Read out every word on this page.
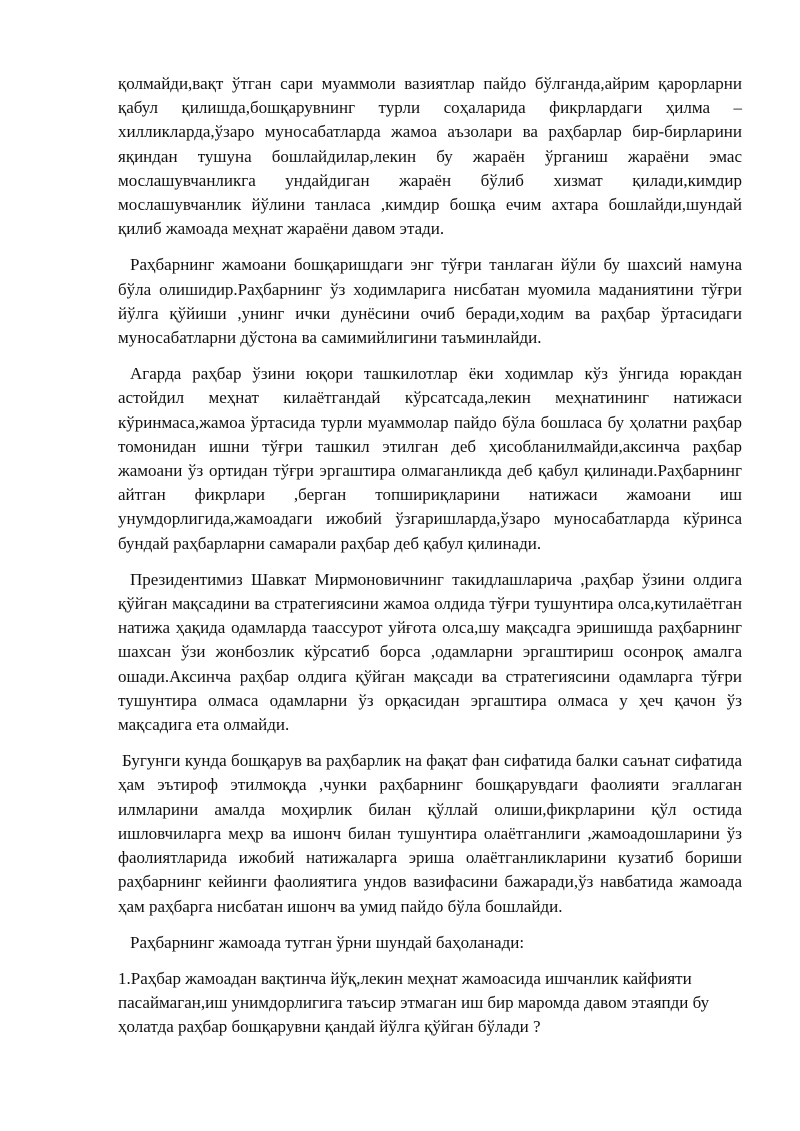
қолмайди,вақт ўтган сари муаммоли вазиятлар пайдо бўлганда,айрим қарорларни қабул қилишда,бошқарувнинг турли соҳаларида фикрлардаги ҳилма – хилликларда,ўзаро муносабатларда жамоа аъзолари ва раҳбарлар бир-бирларини яқиндан тушуна бошлайдилар,лекин бу жараён ўрганиш жараёни эмас мослашувчанликга ундайдиган жараён бўлиб хизмат қилади,кимдир мослашувчанлик йўлини танласа ,кимдир бошқа ечим ахтара бошлайди,шундай қилиб жамоада меҳнат жараёни давом этади.

Раҳбарнинг жамоани бошқаришдаги энг тўғри танлаган йўли бу шахсий намуна бўла олишидир.Раҳбарнинг ўз ходимларига нисбатан муомила маданиятини тўғри йўлга қўйиши ,унинг ички дунёсини очиб беради,ходим ва раҳбар ўртасидаги муносабатларни дўстона ва самимийлигини таъминлайди.

Агарда раҳбар ўзини юқори ташкилотлар ёки ходимлар кўз ўнгида юракдан астойдил меҳнат килаётгандай кўрсатсада,лекин меҳнатининг натижаси кўринмаса,жамоа ўртасида турли муаммолар пайдо бўла бошласа бу ҳолатни раҳбар томонидан ишни тўғри ташкил этилган деб ҳисобланилмайди,аксинча раҳбар жамоани ўз ортидан тўғри эргаштира олмаганликда деб қабул қилинади.Раҳбарнинг айтган фикрлари ,берган топшириқларини натижаси жамоани иш унумдорлигида,жамоадаги ижобий ўзгаришларда,ўзаро муносабатларда кўринса бундай раҳбарларни самарали раҳбар деб қабул қилинади.

Президентимиз Шавкат Мирмоновичнинг такидлашларича ,раҳбар ўзини олдига қўйган мақсадини ва стратегиясини жамоа олдида тўғри тушунтира олса,кутилаётган натижа ҳақида одамларда таассурот уйғота олса,шу мақсадга эришишда раҳбарнинг шахсан ўзи жонбозлик кўрсатиб борса ,одамларни эргаштириш осонроқ амалга ошади.Аксинча раҳбар олдига қўйган мақсади ва стратегиясини одамларга тўғри тушунтира олмаса одамларни ўз орқасидан эргаштира олмаса у ҳеч қачон ўз мақсадига ета олмайди.

Бугунги кунда бошқарув ва раҳбарлик на фақат фан сифатида балки саънат сифатида ҳам эътироф этилмоқда ,чунки раҳбарнинг бошқарувдаги фаолияти эгаллаган илмларини амалда моҳирлик билан қўллай олиши,фикрларини қўл остида ишловчиларга меҳр ва ишонч билан тушунтира олаётганлиги ,жамоадошларини ўз фаолиятларида ижобий натижаларга эриша олаётганликларини кузатиб бориши раҳбарнинг кейинги фаолиятига ундов вазифасини бажаради,ўз навбатида жамоада ҳам раҳбарга нисбатан ишонч ва умид пайдо бўла бошлайди.

Раҳбарнинг жамоада тутган ўрни шундай баҳоланади:

1.Раҳбар жамоадан вақтинча йўқ,лекин меҳнат жамоасида ишчанлик кайфияти пасаймаган,иш унимдорлигига таъсир этмаган иш бир маромда давом этаяпди бу ҳолатда раҳбар бошқарувни қандай йўлга қўйган бўлади ?
